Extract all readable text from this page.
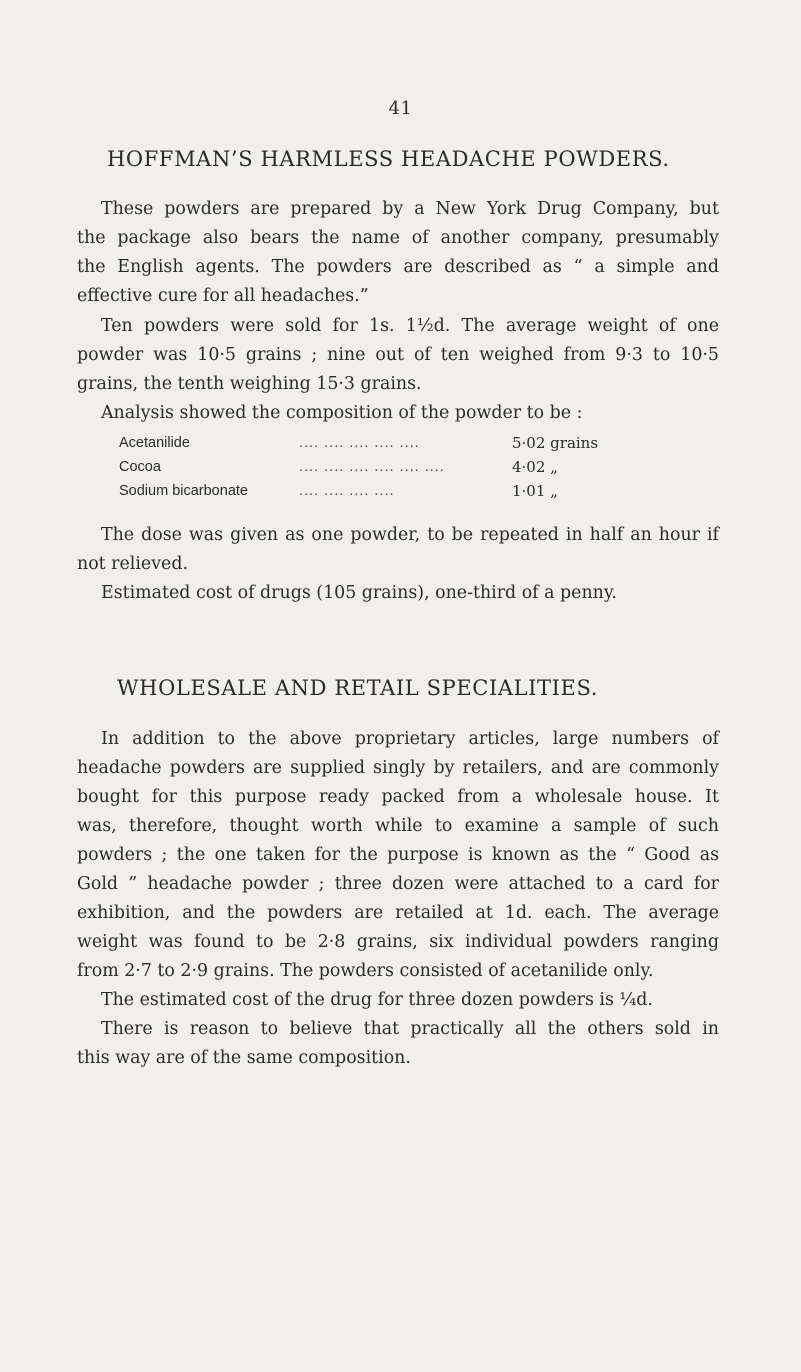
41
HOFFMAN’S HARMLESS HEADACHE POWDERS.
These powders are prepared by a New York Drug Company, but
the package also bears the name of another company, presumably
the English agents. The powders are described as “ a simple and
effective cure for all headaches.”
Ten powders were sold for 1s. 1½d. The average weight of one
powder was 10·5 grains ; nine out of ten weighed from 9·3 to 10·5
grains, the tenth weighing 15·3 grains.
Analysis showed the composition of the powder to be :
Acetanilide	.... .... .... .... ....	5·02 grains
Cocoa	.... .... .... .... .... ....	4·02 „
Sodium bicarbonate	.... .... .... ....	1·01 „
The dose was given as one powder, to be repeated in half an hour if
not relieved.
Estimated cost of drugs (105 grains), one-third of a penny.
WHOLESALE AND RETAIL SPECIALITIES.
In addition to the above proprietary articles, large numbers of
headache powders are supplied singly by retailers, and are commonly
bought for this purpose ready packed from a wholesale house. It
was, therefore, thought worth while to examine a sample of such
powders ; the one taken for the purpose is known as the “ Good as
Gold ” headache powder ; three dozen were attached to a card for
exhibition, and the powders are retailed at 1d. each. The average
weight was found to be 2·8 grains, six individual powders ranging
from 2·7 to 2·9 grains. The powders consisted of acetanilide only.
The estimated cost of the drug for three dozen powders is ¼d.
There is reason to believe that practically all the others sold in
this way are of the same composition.
